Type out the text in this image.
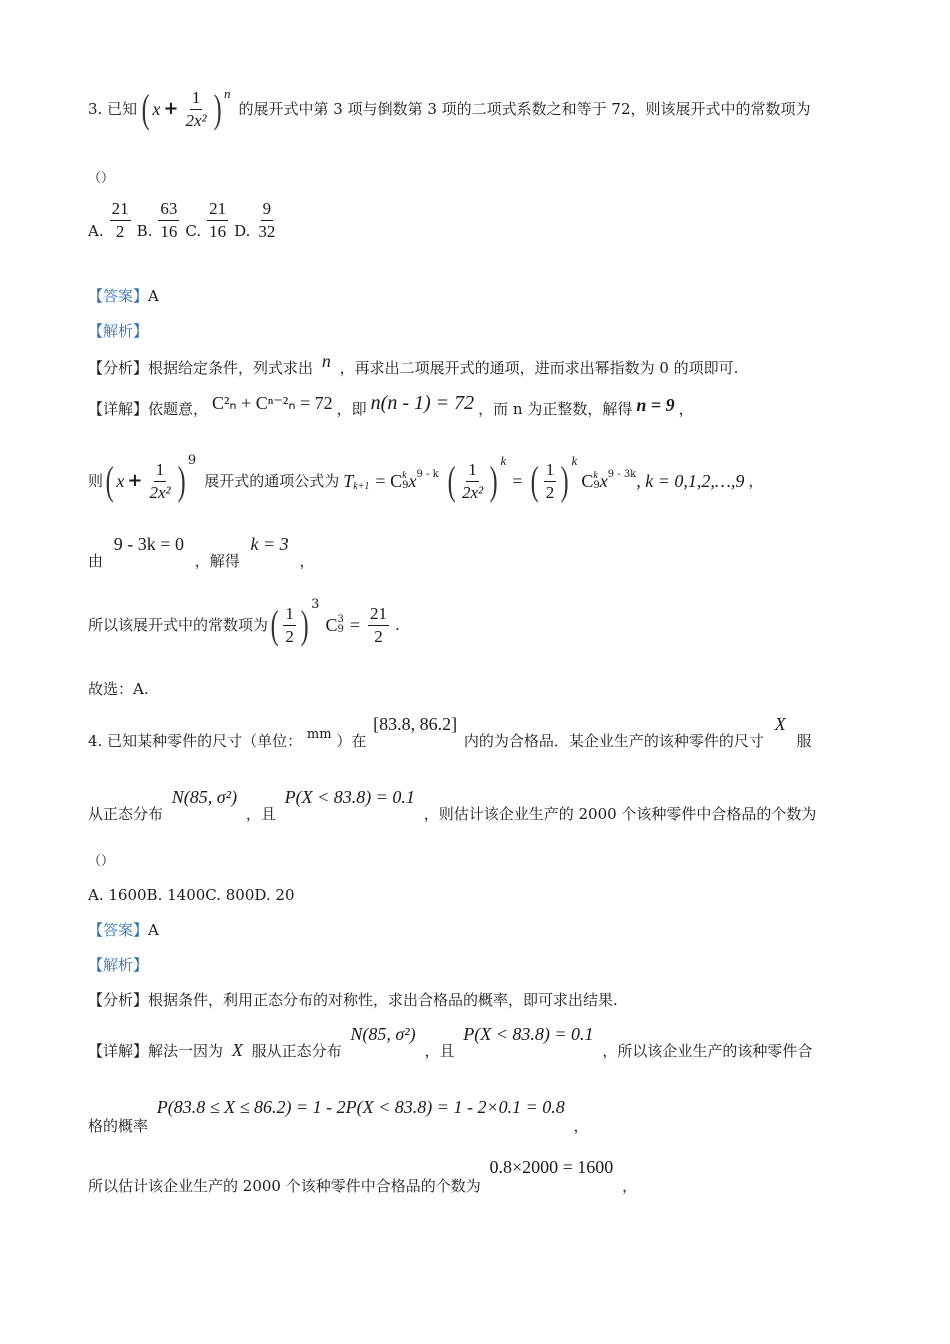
3. 已知 ( $x + \frac{1}{\text{2x²}}$ ) n
的展开式中第 3 项与倒数第 3 项的二项式系数之和等于 72，则该展开式中的常数项为
（）
A. $\frac{21}{2} B$. $\frac{63}{16} C$. $\frac{21}{16} D$. $\frac{9}{32}$
【答案】A
【解析】
【分析】根据给定条件，列式求出 n ，再求出二项展开式的通项，进而求出幂指数为 0 的项即可.
【详解】 依题意， C²ₙ + Cⁿ⁻²ₙ = 72 ，即 n(n - 1) = 72 ，而 n 为正整数，解得 n = 9 ，
则 ( $x + \frac{1}{\text{2x²}}$ ) 9
展开式的通项公式为 $T_{k+1} = C$ k
9 $x^{9 - k}$ ( $\frac{1}{\text{2x²}}$ ) k
= ( $\frac{1}{2}$ ) k
C k
9 $x^{9 - 3k}$ , k = 0,1,2,…,9 ，
由 9 - 3k = 0 ，解得 k = 3 ，
所以该展开式中的常数项为 ( $\frac{1}{2}$ ) 3
C 3
$9 = \frac{21}{2}$ .
故选：A.
4. 已知某种零件的尺寸（单位： mm ）在 [83.8, 86.2] 内的为合格品．某企业生产的该种零件的尺寸 X 服
从正态分布 N(85, σ²) ，且 P(X < 83.8) = 0.1 ，则估计该企业生产的 2000 个该种零件中合格品的个数为
（）
A. 1600B. 1400C. 800D. 20
【答案】A
【解析】
【分析】根据条件，利用正态分布的对称性，求出合格品的概率，即可求出结果.
【详解】解法一因为 X 服从正态分布 N(85, σ²) ，且 P(X < 83.8) = 0.1 ，所以该企业生产的该种零件合
格的概率 P(83.8 ≤ X ≤ 86.2) = 1 - 2P(X < 83.8) = 1 - 2×0.1 = 0.8 ，
所以估计该企业生产的 2000 个该种零件中合格品的个数为 0.8×2000 = 1600 ，
